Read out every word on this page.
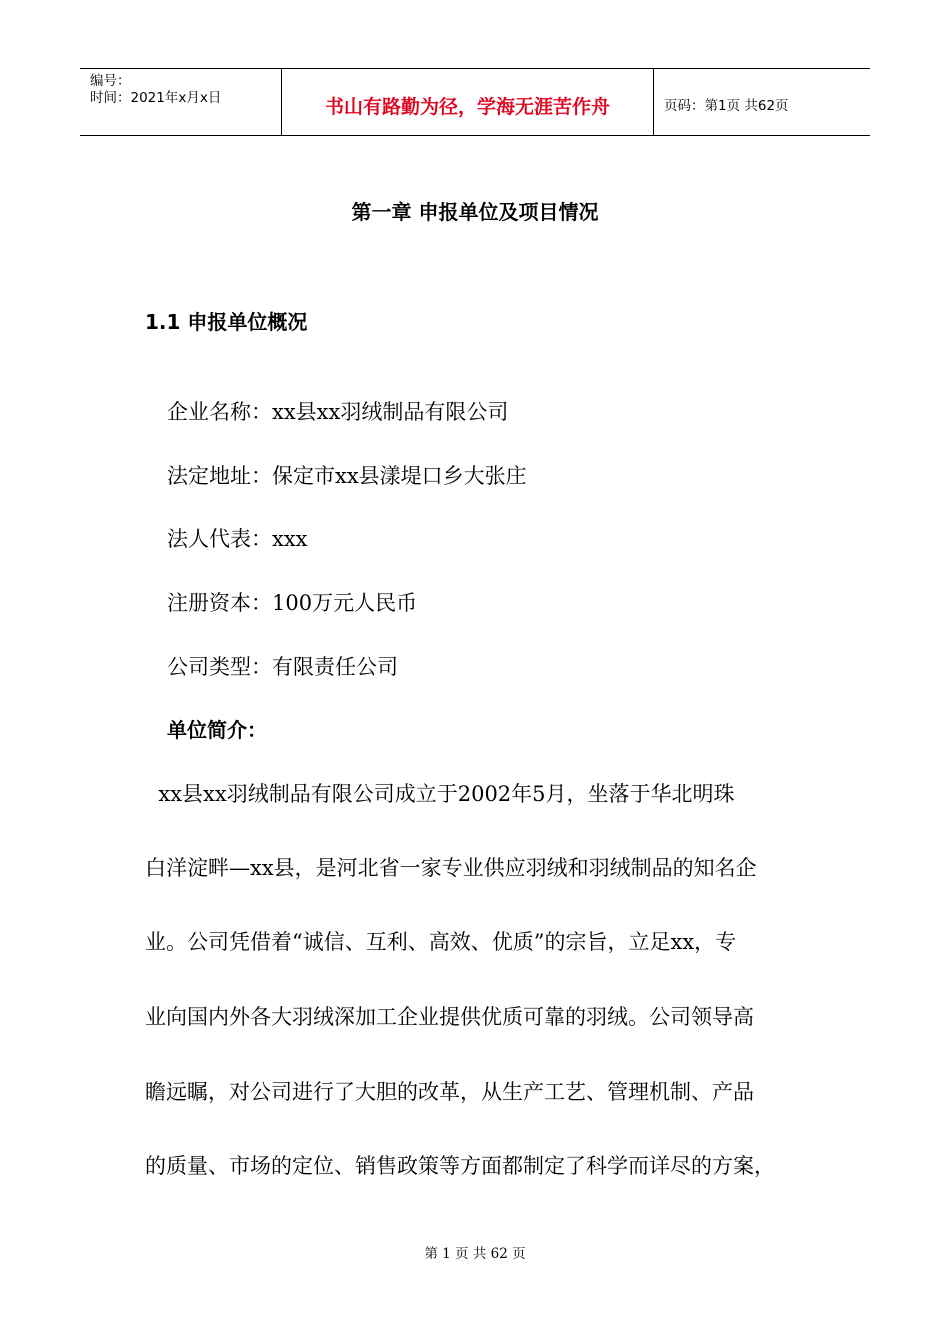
编号：
时间：2021年x月x日	书山有路勤为径，学海无涯苦作舟	页码：第1页 共62页
第一章 申报单位及项目情况
1.1 申报单位概况
企业名称：xx县xx羽绒制品有限公司
法定地址：保定市xx县漾堤口乡大张庄
法人代表：xxx
注册资本：100万元人民币
公司类型：有限责任公司
单位简介：
xx县xx羽绒制品有限公司成立于2002年5月，坐落于华北明珠
白洋淀畔—xx县，是河北省一家专业供应羽绒和羽绒制品的知名企
业。公司凭借着“诚信、互利、高效、优质”的宗旨，立足xx，专
业向国内外各大羽绒深加工企业提供优质可靠的羽绒。公司领导高
瞻远瞩，对公司进行了大胆的改革，从生产工艺、管理机制、产品
的质量、市场的定位、销售政策等方面都制定了科学而详尽的方案，
第 1 页 共 62 页
